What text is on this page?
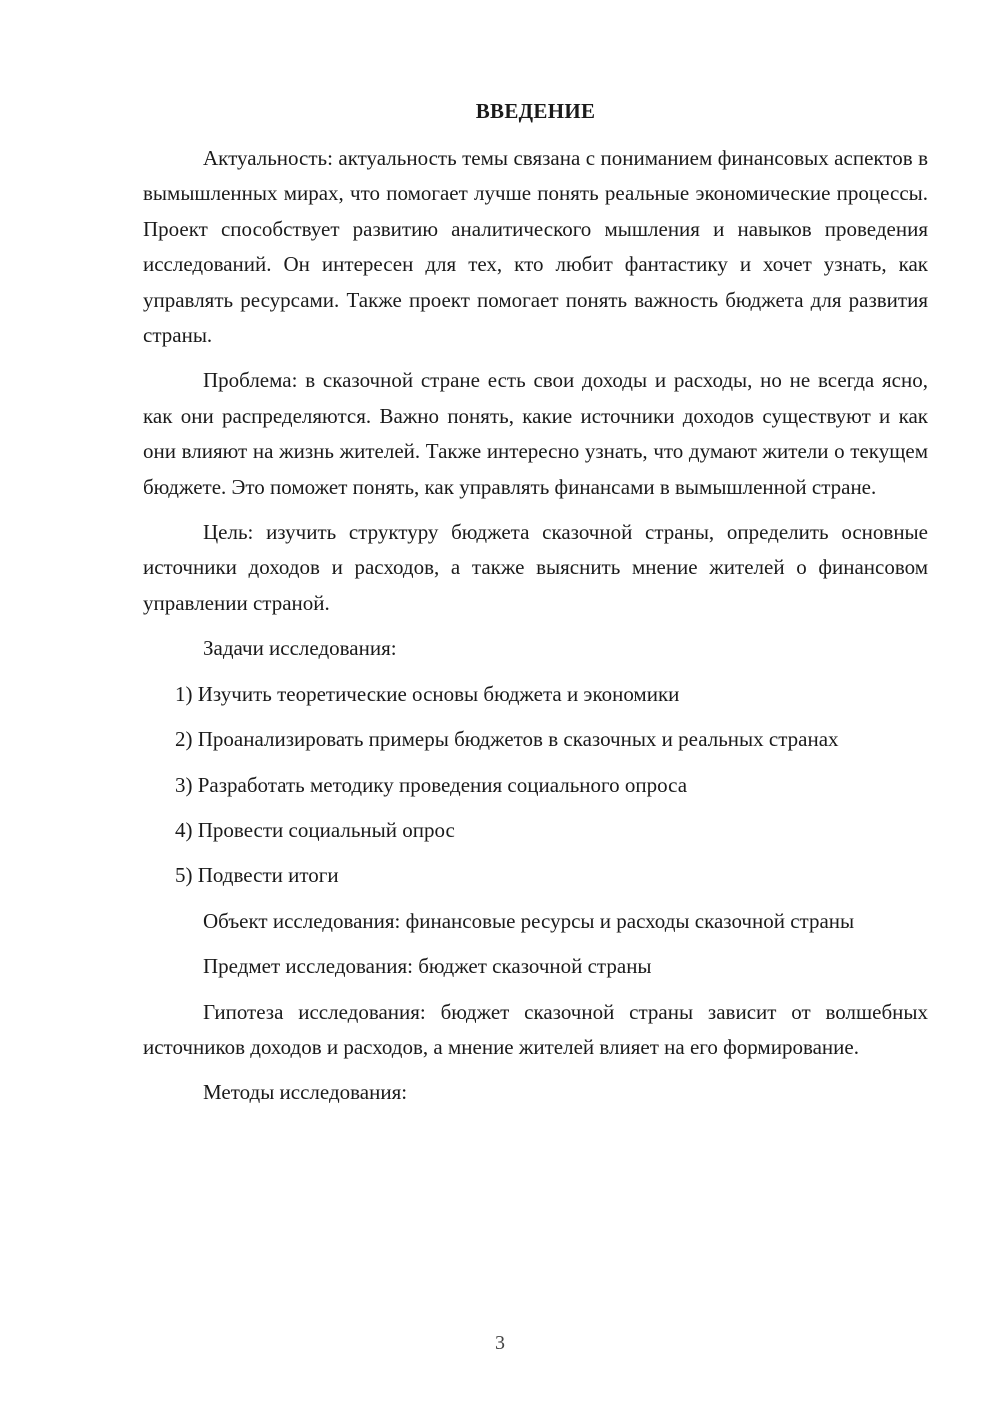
ВВЕДЕНИЕ

Актуальность: актуальность темы связана с пониманием финансовых аспектов в вымышленных мирах, что помогает лучше понять реальные экономические процессы. Проект способствует развитию аналитического мышления и навыков проведения исследований. Он интересен для тех, кто любит фантастику и хочет узнать, как управлять ресурсами. Также проект помогает понять важность бюджета для развития страны.

Проблема: в сказочной стране есть свои доходы и расходы, но не всегда ясно, как они распределяются. Важно понять, какие источники доходов существуют и как они влияют на жизнь жителей. Также интересно узнать, что думают жители о текущем бюджете. Это поможет понять, как управлять финансами в вымышленной стране.

Цель: изучить структуру бюджета сказочной страны, определить основные источники доходов и расходов, а также выяснить мнение жителей о финансовом управлении страной.

Задачи исследования:

1) Изучить теоретические основы бюджета и экономики

2) Проанализировать примеры бюджетов в сказочных и реальных странах

3) Разработать методику проведения социального опроса

4) Провести социальный опрос

5) Подвести итоги

Объект исследования: финансовые ресурсы и расходы сказочной страны

Предмет исследования: бюджет сказочной страны

Гипотеза исследования: бюджет сказочной страны зависит от волшебных источников доходов и расходов, а мнение жителей влияет на его формирование.

Методы исследования:

3
